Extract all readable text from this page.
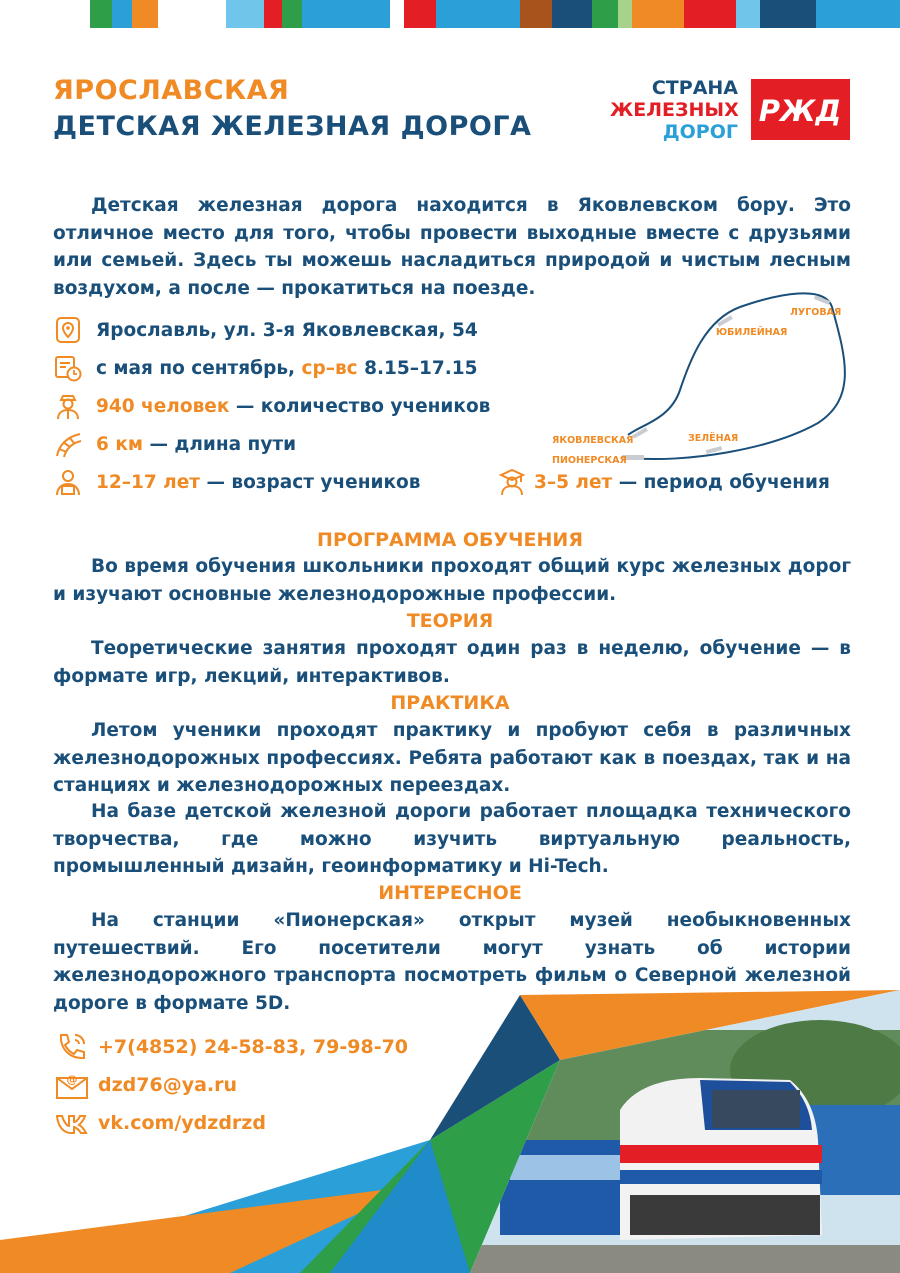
ЯРОСЛАВСКАЯ
ДЕТСКАЯ ЖЕЛЕЗНАЯ ДОРОГА
СТРАНА
ЖЕЛЕЗНЫХ
ДОРОГ
РЖД
Детская железная дорога находится в Яковлевском бору. Это отличное место для того, чтобы провести выходные вместе с друзьями или семьей. Здесь ты можешь насладиться природой и чистым лесным воздухом, а после — прокатиться на поезде.
Ярославль, ул. 3-я Яковлевская, 54
с мая по сентябрь, ср–вс 8.15–17.15
940 человек — количество учеников
6 км — длина пути
12–17 лет — возраст учеников	3–5 лет — период обучения
ЛУГОВАЯ
ЮБИЛЕЙНАЯ
ЯКОВЛЕВСКАЯ	ЗЕЛЁНАЯ
ПИОНЕРСКАЯ
ПРОГРАММА ОБУЧЕНИЯ
Во время обучения школьники проходят общий курс железных дорог и изучают основные железнодорожные профессии.
ТЕОРИЯ
Теоретические занятия проходят один раз в неделю, обучение — в формате игр, лекций, интерактивов.
ПРАКТИКА
Летом ученики проходят практику и пробуют себя в различных железнодорожных профессиях. Ребята работают как в поездах, так и на станциях и железнодорожных переездах.
На базе детской железной дороги работает площадка технического творчества, где можно изучить виртуальную реальность, промышленный дизайн, геоинформатику и Hi-Tech.
ИНТЕРЕСНОЕ
На станции «Пионерская» открыт музей необыкновенных путешествий. Его посетители могут узнать об истории железнодорожного транспорта посмотреть фильм о Северной железной дороге в формате 5D.
+7(4852) 24-58-83, 79-98-70
@ dzd76@ya.ru
vk.com/ydzdrzd
